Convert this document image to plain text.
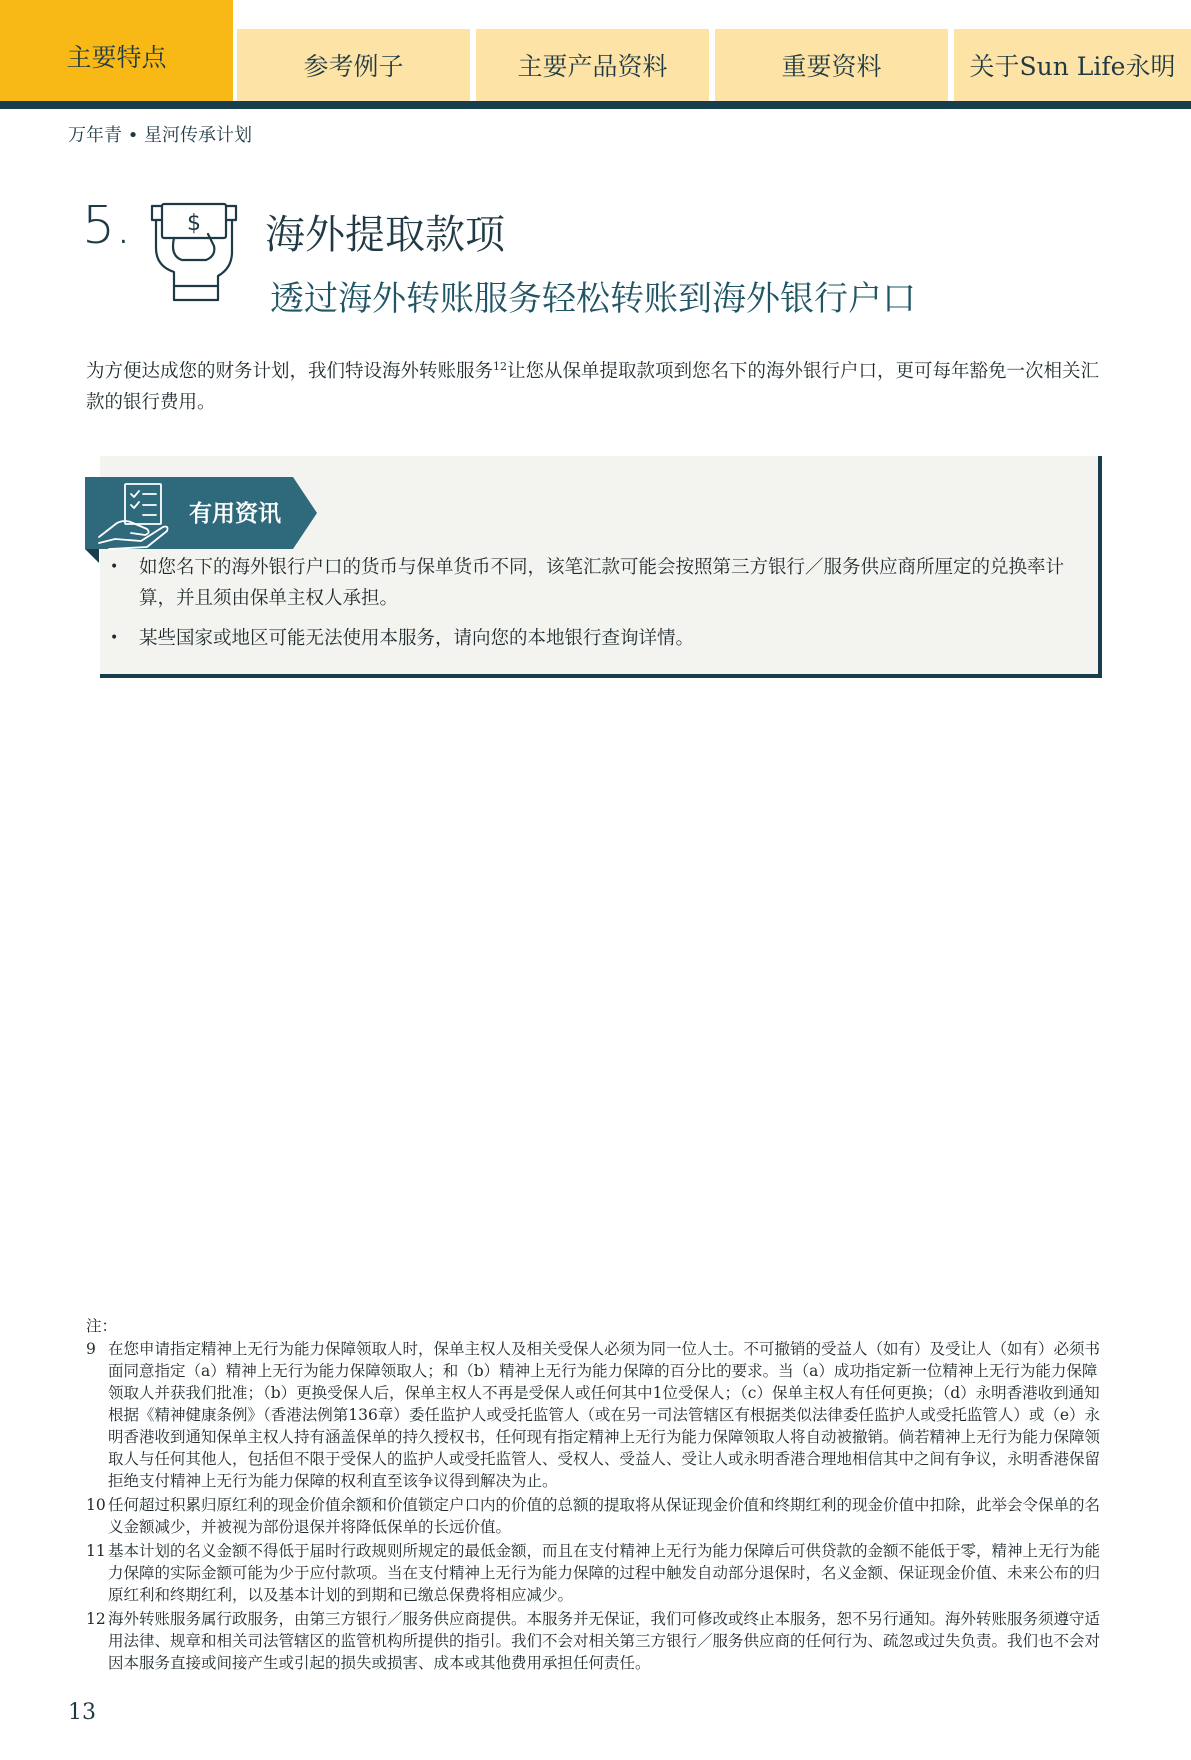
主要特点	参考例子	主要产品资料	重要资料	关于Sun Life永明
万年青 • 星河传承计划
5.	$ 海外提取款项
透过海外转账服务轻松转账到海外银行户口
为方便达成您的财务计划，我们特设海外转账服务$^{12}$让您从保单提取款项到您名下的海外银行户口，更可每年豁免一次相关汇款的银行费用。
有用资讯
• 如您名下的海外银行户口的货币与保单货币不同，该笔汇款可能会按照第三方银行／服务供应商所厘定的兑换率计算，并且须由保单主权人承担。
• 某些国家或地区可能无法使用本服务，请向您的本地银行查询详情。
注：
9 在您申请指定精神上无行为能力保障领取人时，保单主权人及相关受保人必须为同一位人士。不可撤销的受益人（如有）及受让人（如有）必须书面同意指定（a）精神上无行为能力保障领取人；和（b）精神上无行为能力保障的百分比的要求。当（a）成功指定新一位精神上无行为能力保障领取人并获我们批准；（b）更换受保人后，保单主权人不再是受保人或任何其中1位受保人；（c）保单主权人有任何更换；（d）永明香港收到通知根据《精神健康条例》（香港法例第136章）委任监护人或受托监管人（或在另一司法管辖区有根据类似法律委任监护人或受托监管人）或（e）永明香港收到通知保单主权人持有涵盖保单的持久授权书，任何现有指定精神上无行为能力保障领取人将自动被撤销。倘若精神上无行为能力保障领取人与任何其他人，包括但不限于受保人的监护人或受托监管人、受权人、受益人、受让人或永明香港合理地相信其中之间有争议，永明香港保留拒绝支付精神上无行为能力保障的权利直至该争议得到解决为止。
10 任何超过积累归原红利的现金价值余额和价值锁定户口内的价值的总额的提取将从保证现金价值和终期红利的现金价值中扣除，此举会令保单的名义金额减少，并被视为部份退保并将降低保单的长远价值。
11 基本计划的名义金额不得低于届时行政规则所规定的最低金额，而且在支付精神上无行为能力保障后可供贷款的金额不能低于零，精神上无行为能力保障的实际金额可能为少于应付款项。当在支付精神上无行为能力保障的过程中触发自动部分退保时，名义金额、保证现金价值、未来公布的归原红利和终期红利，以及基本计划的到期和已缴总保费将相应减少。
12 海外转账服务属行政服务，由第三方银行／服务供应商提供。本服务并无保证，我们可修改或终止本服务，恕不另行通知。海外转账服务须遵守适用法律、规章和相关司法管辖区的监管机构所提供的指引。我们不会对相关第三方银行／服务供应商的任何行为、疏忽或过失负责。我们也不会对因本服务直接或间接产生或引起的损失或损害、成本或其他费用承担任何责任。
13
